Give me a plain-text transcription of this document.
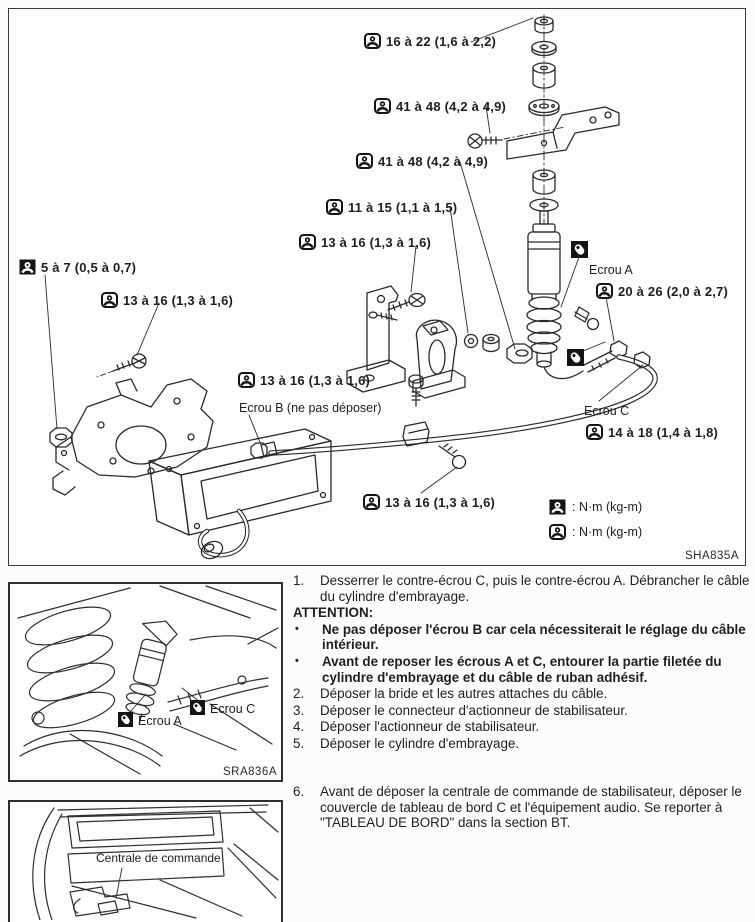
16 à 22 (1,6 à 2,2)
41 à 48 (4,2 à 4,9)
41 à 48 (4,2 à 4,9)
11 à 15 (1,1 à 1,5)
13 à 16 (1,3 à 1,6)
5 à 7 (0,5 à 0,7)
13 à 16 (1,3 à 1,6)
Ecrou A
20 à 26 (2,0 à 2,7)
13 à 16 (1,3 à 1,6)
Ecrou B (ne pas déposer)	Ecrou C
14 à 18 (1,4 à 1,8)
13 à 16 (1,3 à 1,6)	: N·m (kg-m)
: N·m (kg-m)
SHA835A
Ecrou A
Ecrou C
SRA836A
Centrale de commande
1.	Desserrer le contre-écrou C, puis le contre-écrou A. Débrancher le câble du cylindre d'embrayage.
ATTENTION:
•	Ne pas déposer l'écrou B car cela nécessiterait le réglage du câble intérieur.
•	Avant de reposer les écrous A et C, entourer la partie filetée du cylindre d'embrayage et du câble de ruban adhésif.
2.	Déposer la bride et les autres attaches du câble.
3.	Déposer le connecteur d'actionneur de stabilisateur.
4.	Déposer l'actionneur de stabilisateur.
5.	Déposer le cylindre d'embrayage.
6.	Avant de déposer la centrale de commande de stabilisateur, déposer le couvercle de tableau de bord C et l'équipement audio. Se reporter à "TABLEAU DE BORD" dans la section BT.
